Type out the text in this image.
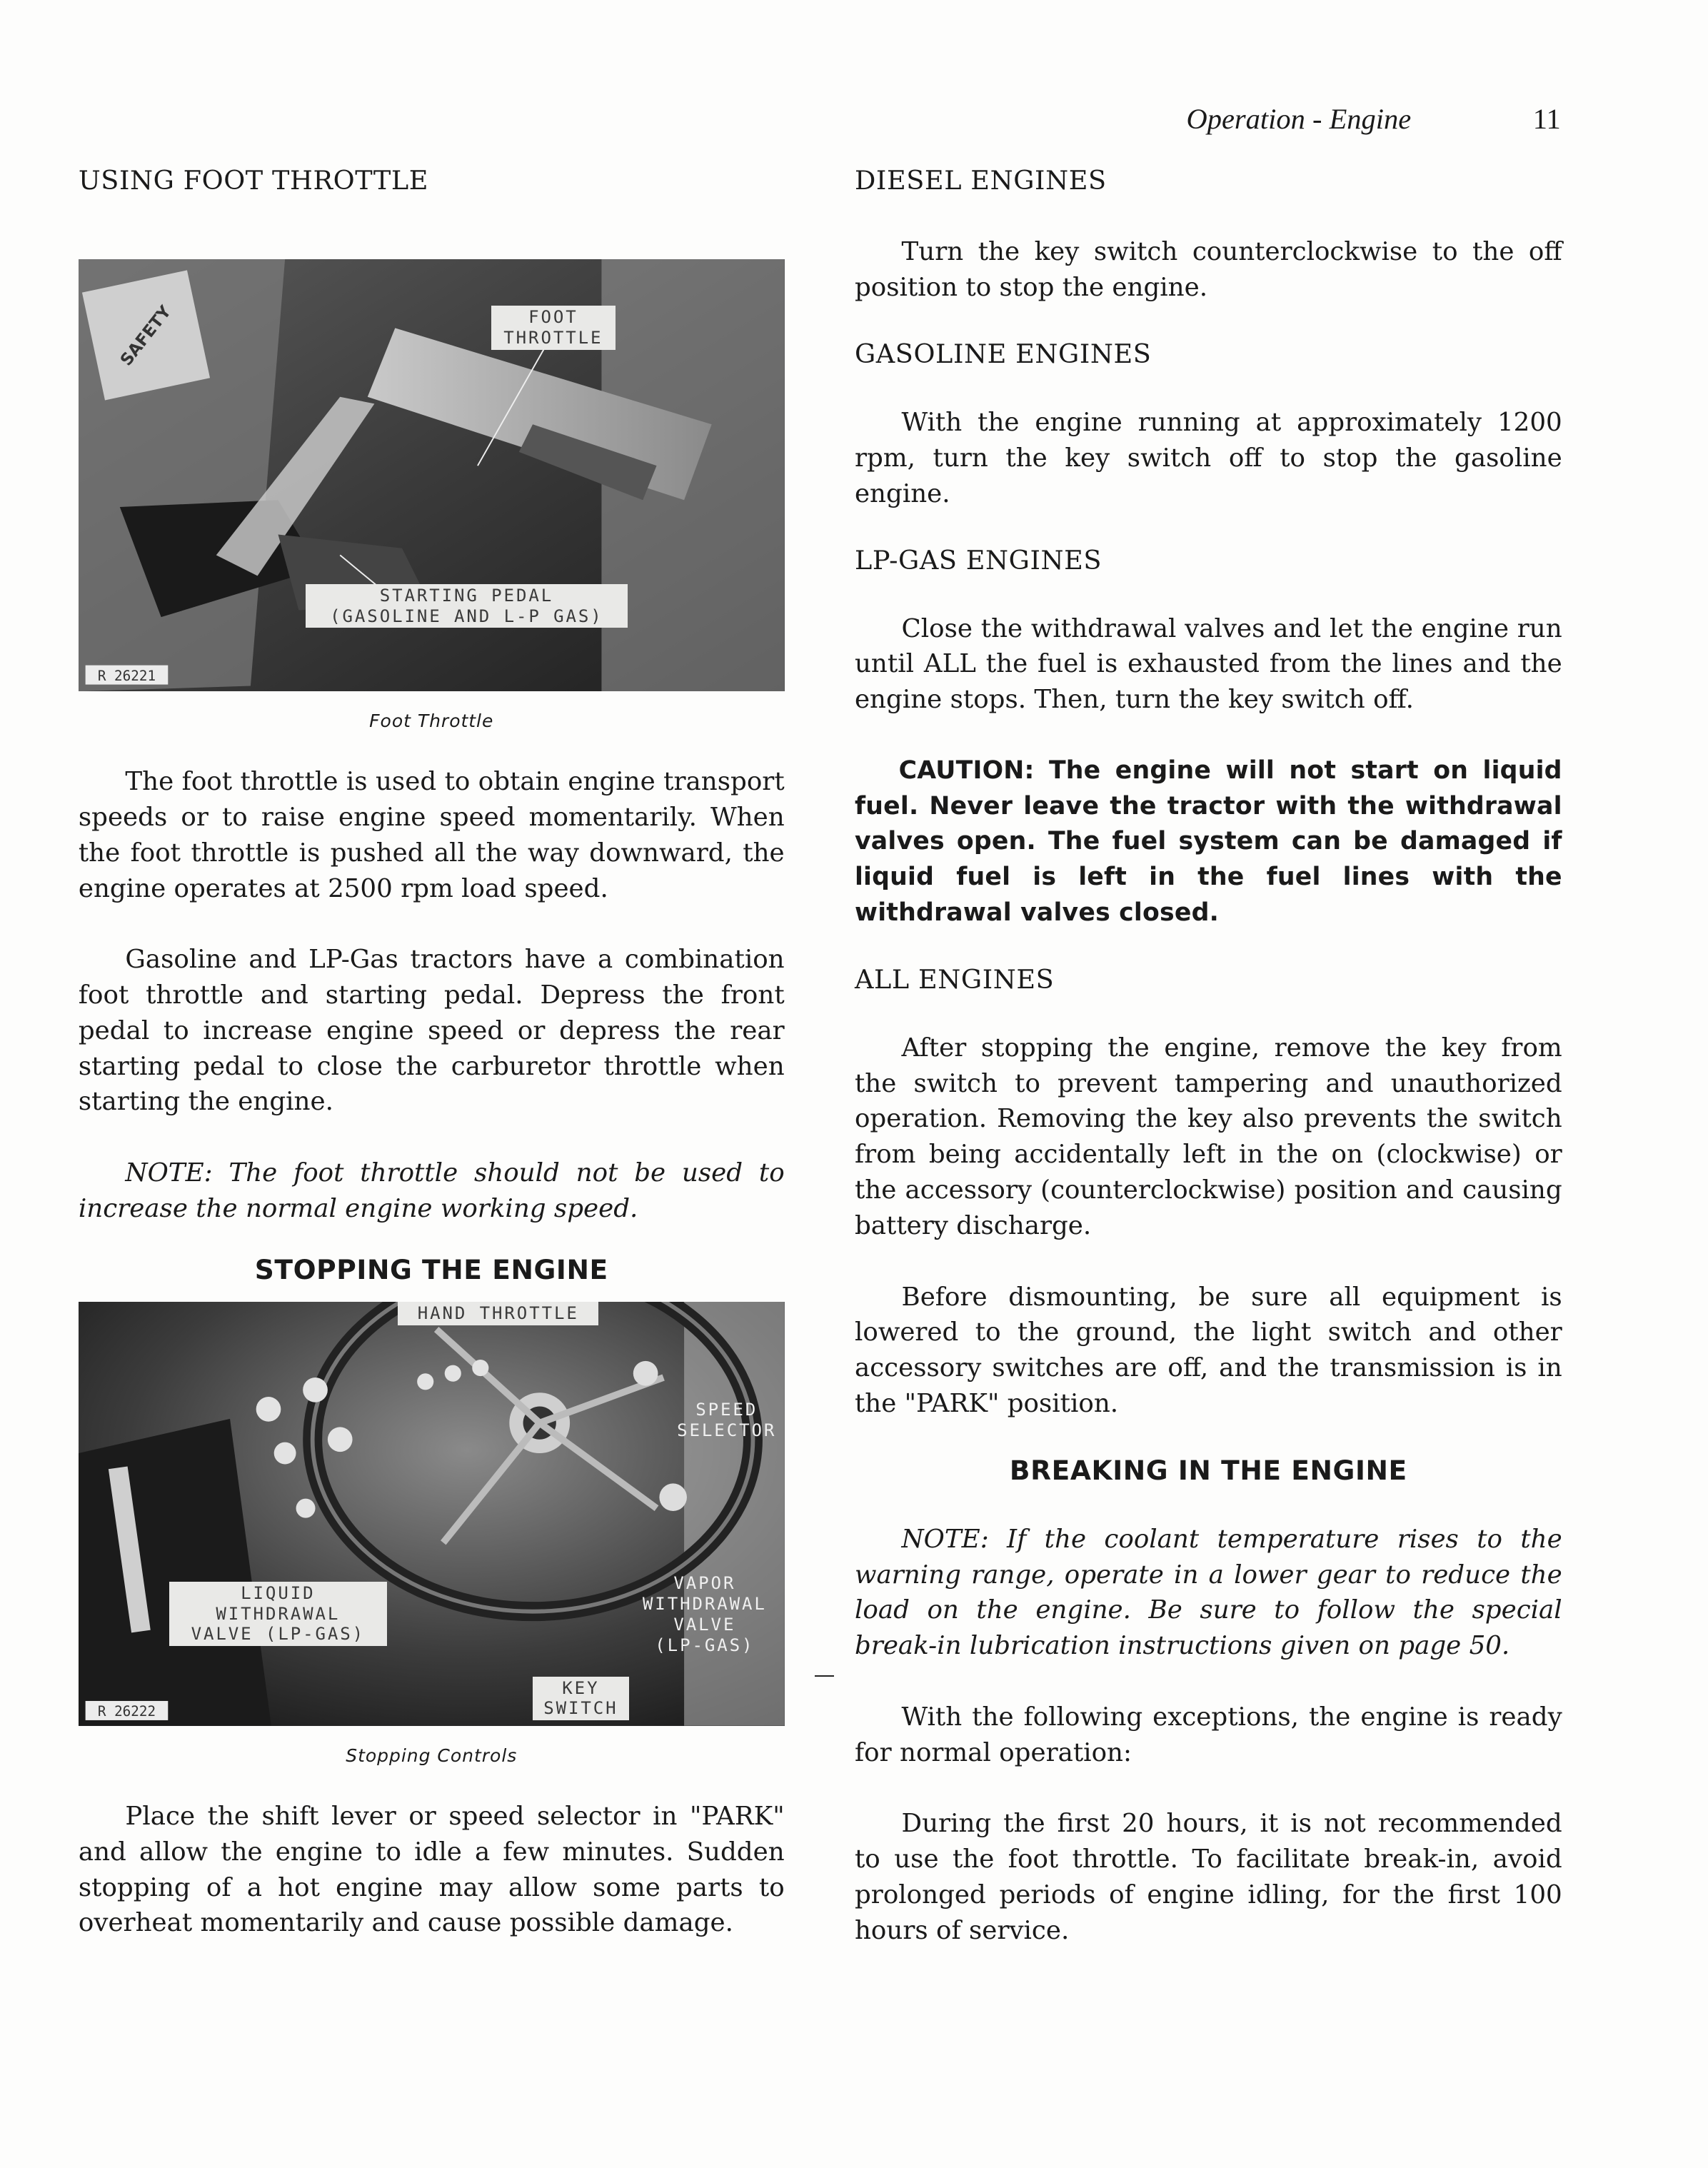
Operation - Engine	11
USING FOOT THROTTLE
SAFETY
R 26221
FOOT
THROTTLE
STARTING PEDAL
(GASOLINE AND L-P GAS)
Foot Throttle

The foot throttle is used to obtain engine transport speeds or to raise engine speed momentarily. When the foot throttle is pushed all the way downward, the engine operates at 2500 rpm load speed.

Gasoline and LP-Gas tractors have a combination foot throttle and starting pedal. Depress the front pedal to increase engine speed or depress the rear starting pedal to close the carburetor throttle when starting the engine.

NOTE: The foot throttle should not be used to increase the normal engine working speed.

STOPPING THE ENGINE
R 26222
HAND THROTTLE
SPEED
SELECTOR
LIQUID
WITHDRAWAL
VALVE (LP-GAS)
VAPOR
WITHDRAWAL
VALVE
(LP-GAS)
KEY
SWITCH
Stopping Controls

Place the shift lever or speed selector in "PARK" and allow the engine to idle a few minutes. Sudden stopping of a hot engine may allow some parts to overheat momentarily and cause possible damage.

DIESEL ENGINES

Turn the key switch counterclockwise to the off position to stop the engine.

GASOLINE ENGINES

With the engine running at approximately 1200 rpm, turn the key switch off to stop the gasoline engine.

LP-GAS ENGINES

Close the withdrawal valves and let the engine run until ALL the fuel is exhausted from the lines and the engine stops. Then, turn the key switch off.

CAUTION: The engine will not start on liquid fuel. Never leave the tractor with the withdrawal valves open. The fuel system can be damaged if liquid fuel is left in the fuel lines with the withdrawal valves closed.

ALL ENGINES

After stopping the engine, remove the key from the switch to prevent tampering and unauthorized operation. Removing the key also prevents the switch from being accidentally left in the on (clockwise) or the accessory (counterclockwise) position and causing battery discharge.

Before dismounting, be sure all equipment is lowered to the ground, the light switch and other accessory switches are off, and the transmission is in the "PARK" position.

BREAKING IN THE ENGINE

NOTE: If the coolant temperature rises to the warning range, operate in a lower gear to reduce the load on the engine. Be sure to follow the special break-in lubrication instructions given on page 50.

With the following exceptions, the engine is ready for normal operation:

During the first 20 hours, it is not recommended to use the foot throttle. To facilitate break-in, avoid prolonged periods of engine idling, for the first 100 hours of service.
